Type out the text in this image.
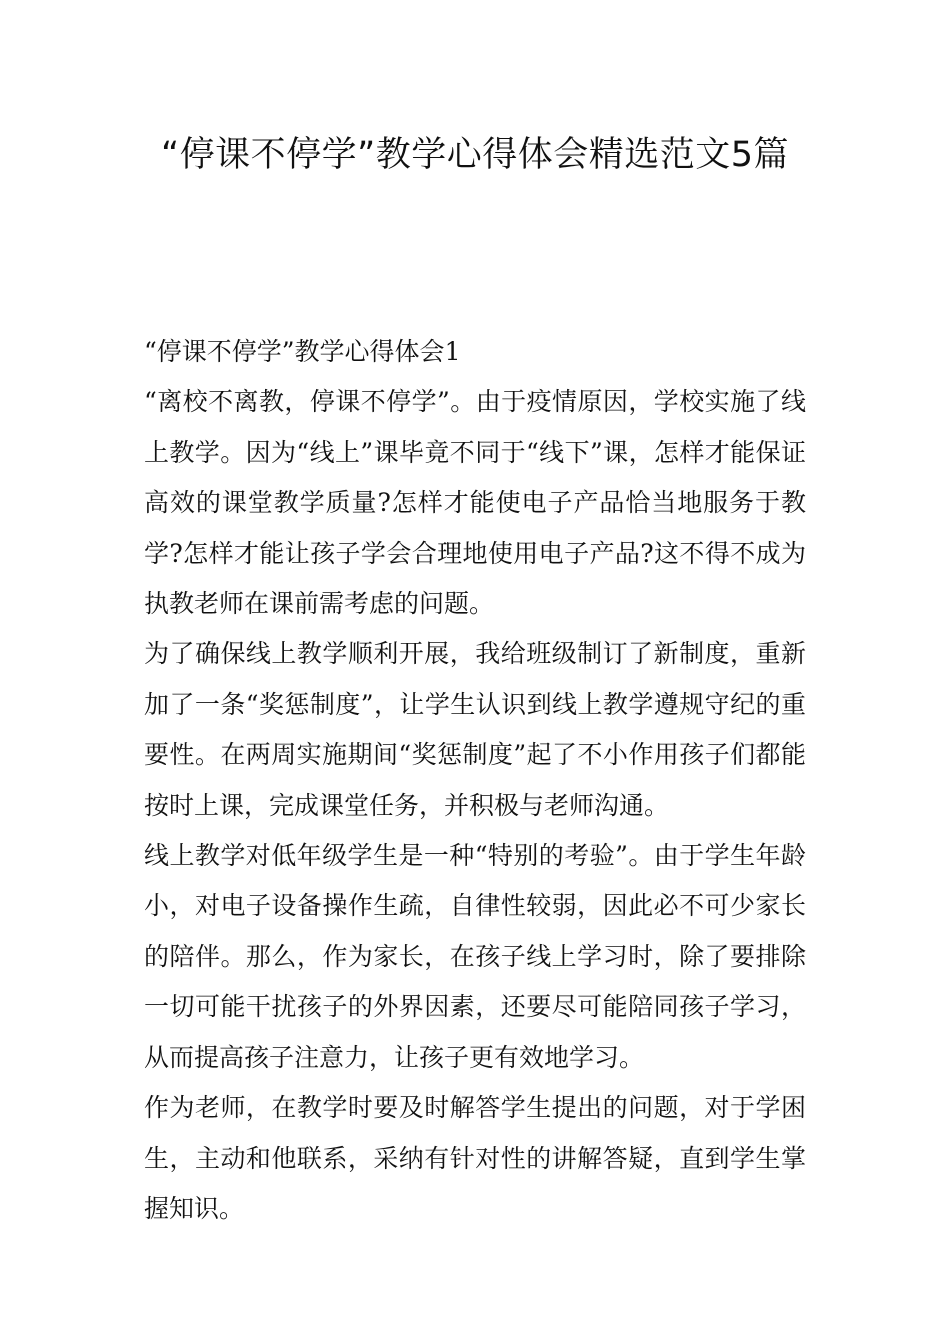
“停课不停学”教学心得体会精选范文5篇

“停课不停学”教学心得体会1

“离校不离教，停课不停学”。由于疫情原因，学校实施了线上教学。因为“线上”课毕竟不同于“线下”课，怎样才能保证高效的课堂教学质量?怎样才能使电子产品恰当地服务于教学?怎样才能让孩子学会合理地使用电子产品?这不得不成为执教老师在课前需考虑的问题。

为了确保线上教学顺利开展，我给班级制订了新制度，重新加了一条“奖惩制度”，让学生认识到线上教学遵规守纪的重要性。在两周实施期间“奖惩制度”起了不小作用孩子们都能按时上课，完成课堂任务，并积极与老师沟通。

线上教学对低年级学生是一种“特别的考验”。由于学生年龄小，对电子设备操作生疏，自律性较弱，因此必不可少家长的陪伴。那么，作为家长，在孩子线上学习时，除了要排除一切可能干扰孩子的外界因素，还要尽可能陪同孩子学习，从而提高孩子注意力，让孩子更有效地学习。

作为老师，在教学时要及时解答学生提出的问题，对于学困生，主动和他联系，采纳有针对性的讲解答疑，直到学生掌握知识。
